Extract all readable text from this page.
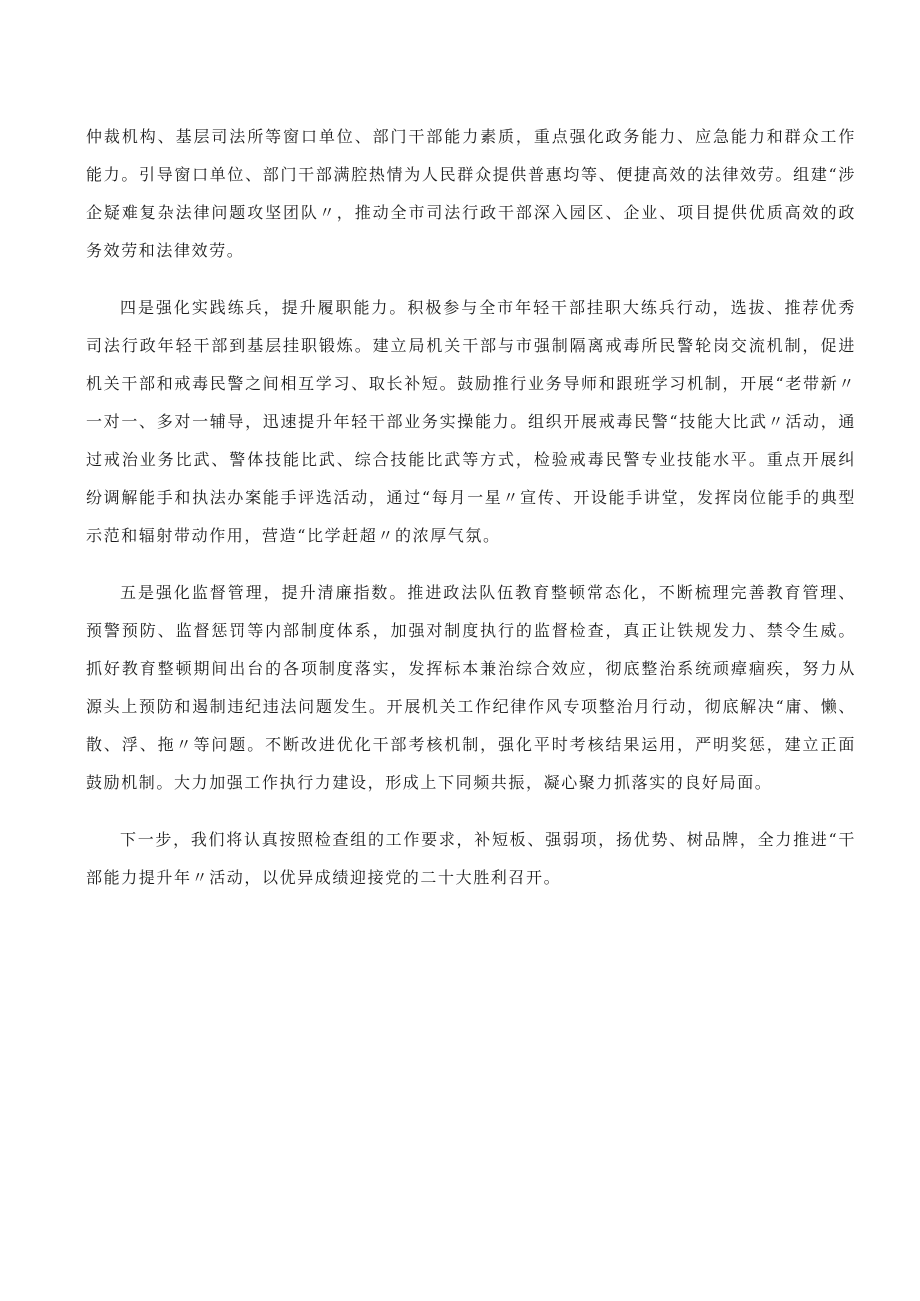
仲裁机构、基层司法所等窗口单位、部门干部能力素质，重点强化政务能力、应急能力和群众工作能力。引导窗口单位、部门干部满腔热情为人民群众提供普惠均等、便捷高效的法律效劳。组建“涉企疑难复杂法律问题攻坚团队〃，推动全市司法行政干部深入园区、企业、项目提供优质高效的政务效劳和法律效劳。

四是强化实践练兵，提升履职能力。积极参与全市年轻干部挂职大练兵行动，选拔、推荐优秀司法行政年轻干部到基层挂职锻炼。建立局机关干部与市强制隔离戒毒所民警轮岗交流机制，促进机关干部和戒毒民警之间相互学习、取长补短。鼓励推行业务导师和跟班学习机制，开展“老带新〃一对一、多对一辅导，迅速提升年轻干部业务实操能力。组织开展戒毒民警“技能大比武〃活动，通过戒治业务比武、警体技能比武、综合技能比武等方式，检验戒毒民警专业技能水平。重点开展纠纷调解能手和执法办案能手评选活动，通过“每月一星〃宣传、开设能手讲堂，发挥岗位能手的典型示范和辐射带动作用，营造“比学赶超〃的浓厚气氛。

五是强化监督管理，提升清廉指数。推进政法队伍教育整顿常态化，不断梳理完善教育管理、预警预防、监督惩罚等内部制度体系，加强对制度执行的监督检查，真正让铁规发力、禁令生威。抓好教育整顿期间出台的各项制度落实，发挥标本兼治综合效应，彻底整治系统顽瘴痼疾，努力从源头上预防和遏制违纪违法问题发生。开展机关工作纪律作风专项整治月行动，彻底解决“庸、懒、散、浮、拖〃等问题。不断改进优化干部考核机制，强化平时考核结果运用，严明奖惩，建立正面鼓励机制。大力加强工作执行力建设，形成上下同频共振，凝心聚力抓落实的良好局面。

下一步，我们将认真按照检查组的工作要求，补短板、强弱项，扬优势、树品牌，全力推进“干部能力提升年〃活动，以优异成绩迎接党的二十大胜利召开。
